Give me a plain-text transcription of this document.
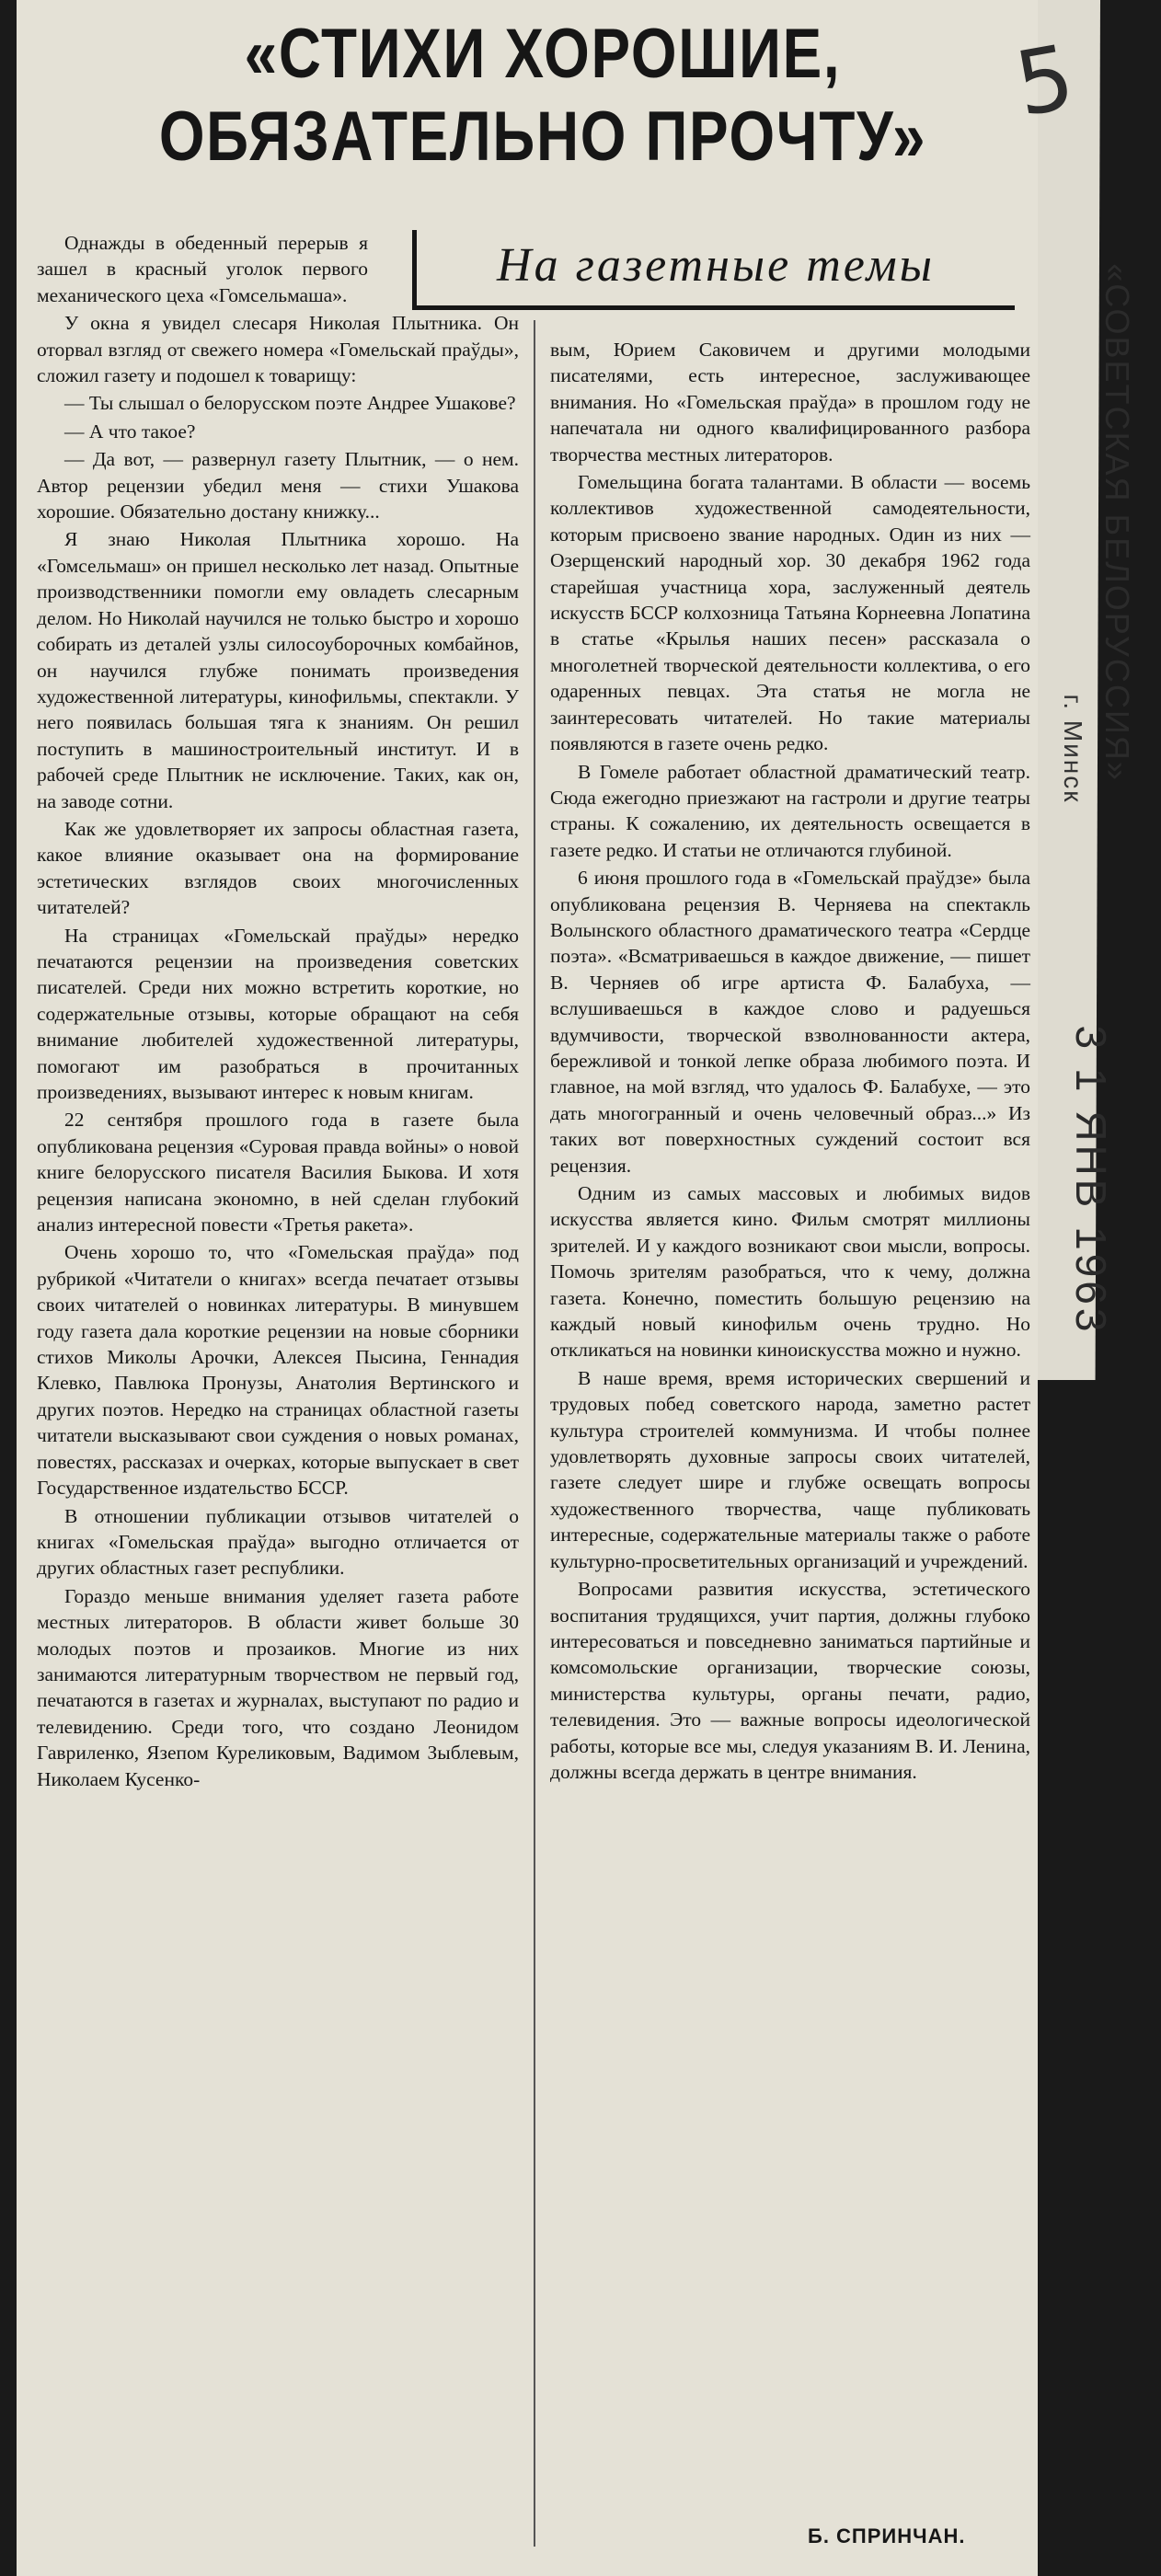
«СТИХИ ХОРОШИЕ, ОБЯЗАТЕЛЬНО ПРОЧТУ»
5
На газетные темы

Однажды в обеденный перерыв я зашел в красный уголок первого механического цеха «Гомсельмаша».

У окна я увидел слесаря Николая Плытника. Он оторвал взгляд от свежего номера «Гомельскай праўды», сложил газету и подошел к товарищу:

— Ты слышал о белорусском поэте Андрее Ушакове?

— А что такое?

— Да вот, — развернул газету Плытник, — о нем. Автор рецензии убедил меня — стихи Ушакова хорошие. Обязательно достану книжку...

Я знаю Николая Плытника хорошо. На «Гомсельмаш» он пришел несколько лет назад. Опытные производственники помогли ему овладеть слесарным делом. Но Николай научился не только быстро и хорошо собирать из деталей узлы силосоуборочных комбайнов, он научился глубже понимать произведения художественной литературы, кинофильмы, спектакли. У него появилась большая тяга к знаниям. Он решил поступить в машиностроительный институт. И в рабочей среде Плытник не исключение. Таких, как он, на заводе сотни.

Как же удовлетворяет их запросы областная газета, какое влияние оказывает она на формирование эстетических взглядов своих многочисленных читателей?

На страницах «Гомельскай праўды» нередко печатаются рецензии на произведения советских писателей. Среди них можно встретить короткие, но содержательные отзывы, которые обращают на себя внимание любителей художественной литературы, помогают им разобраться в прочитанных произведениях, вызывают интерес к новым книгам.

22 сентября прошлого года в газете была опубликована рецензия «Суровая правда войны» о новой книге белорусского писателя Василия Быкова. И хотя рецензия написана экономно, в ней сделан глубокий анализ интересной повести «Третья ракета».

Очень хорошо то, что «Гомельская праўда» под рубрикой «Читатели о книгах» всегда печатает отзывы своих читателей о новинках литературы. В минувшем году газета дала короткие рецензии на новые сборники стихов Миколы Арочки, Алексея Пысина, Геннадия Клевко, Павлюка Пронузы, Анатолия Вертинского и других поэтов. Нередко на страницах областной газеты читатели высказывают свои суждения о новых романах, повестях, рассказах и очерках, которые выпускает в свет Государственное издательство БССР.

В отношении публикации отзывов читателей о книгах «Гомельская праўда» выгодно отличается от других областных газет республики.

Гораздо меньше внимания уделяет газета работе местных литераторов. В области живет больше 30 молодых поэтов и прозаиков. Многие из них занимаются литературным творчеством не первый год, печатаются в газетах и журналах, выступают по радио и телевидению. Среди того, что создано Леонидом Гавриленко, Язепом Куреликовым, Вадимом Зыблевым, Николаем Кусенко-

вым, Юрием Саковичем и другими молодыми писателями, есть интересное, заслуживающее внимания. Но «Гомельская праўда» в прошлом году не напечатала ни одного квалифицированного разбора творчества местных литераторов.

Гомельщина богата талантами. В области — восемь коллективов художественной самодеятельности, которым присвоено звание народных. Один из них — Озерщенский народный хор. 30 декабря 1962 года старейшая участница хора, заслуженный деятель искусств БССР колхозница Татьяна Корнеевна Лопатина в статье «Крылья наших песен» рассказала о многолетней творческой деятельности коллектива, о его одаренных певцах. Эта статья не могла не заинтересовать читателей. Но такие материалы появляются в газете очень редко.

В Гомеле работает областной драматический театр. Сюда ежегодно приезжают на гастроли и другие театры страны. К сожалению, их деятельность освещается в газете редко. И статьи не отличаются глубиной.

6 июня прошлого года в «Гомельскай праўдзе» была опубликована рецензия В. Черняева на спектакль Волынского областного драматического театра «Сердце поэта». «Всматриваешься в каждое движение, — пишет В. Черняев об игре артиста Ф. Балабуха, — вслушиваешься в каждое слово и радуешься вдумчивости, творческой взволнованности актера, бережливой и тонкой лепке образа любимого поэта. И главное, на мой взгляд, что удалось Ф. Балабухе, — это дать многогранный и очень человечный образ...» Из таких вот поверхностных суждений состоит вся рецензия.

Одним из самых массовых и любимых видов искусства является кино. Фильм смотрят миллионы зрителей. И у каждого возникают свои мысли, вопросы. Помочь зрителям разобраться, что к чему, должна газета. Конечно, поместить большую рецензию на каждый новый кинофильм очень трудно. Но откликаться на новинки киноискусства можно и нужно.

В наше время, время исторических свершений и трудовых побед советского народа, заметно растет культура строителей коммунизма. И чтобы полнее удовлетворять духовные запросы своих читателей, газете следует шире и глубже освещать вопросы художественного творчества, чаще публиковать интересные, содержательные материалы также о работе культурно-просветительных организаций и учреждений.

Вопросами развития искусства, эстетического воспитания трудящихся, учит партия, должны глубоко интересоваться и повседневно заниматься партийные и комсомольские организации, творческие союзы, министерства культуры, органы печати, радио, телевидения. Это — важные вопросы идеологической работы, которые все мы, следуя указаниям В. И. Ленина, должны всегда держать в центре внимания.

Б. СПРИНЧАН.
«СОВЕТСКАЯ БЕЛОРУССИЯ»
г. Минск
3 1 ЯНВ 1963
